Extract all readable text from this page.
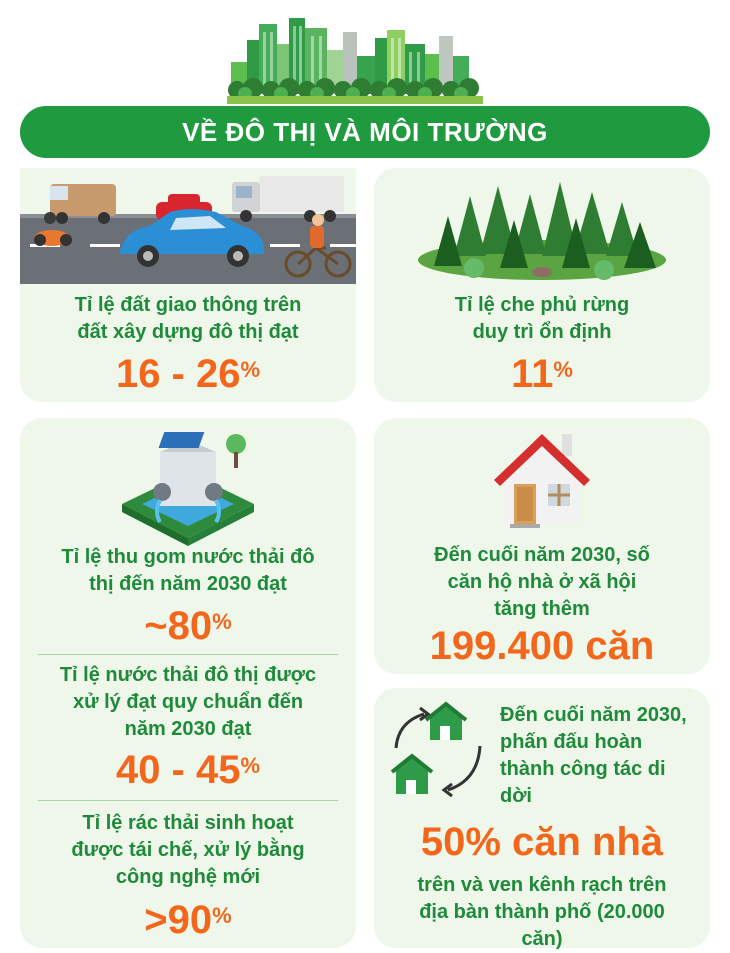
VỀ ĐÔ THỊ VÀ MÔI TRƯỜNG
Tỉ lệ đất giao thông trên đất xây dựng đô thị đạt
16 - 26%
Tỉ lệ che phủ rừng duy trì ổn định
11%
Tỉ lệ thu gom nước thải đô thị đến năm 2030 đạt
~80%
Tỉ lệ nước thải đô thị được xử lý đạt quy chuẩn đến năm 2030 đạt
40 - 45%
Tỉ lệ rác thải sinh hoạt được tái chế, xử lý bằng công nghệ mới
>90%
Đến cuối năm 2030, số căn hộ nhà ở xã hội tăng thêm
199.400 căn
Đến cuối năm 2030, phấn đấu hoàn thành công tác di dời
50% căn nhà
trên và ven kênh rạch trên địa bàn thành phố (20.000 căn)
